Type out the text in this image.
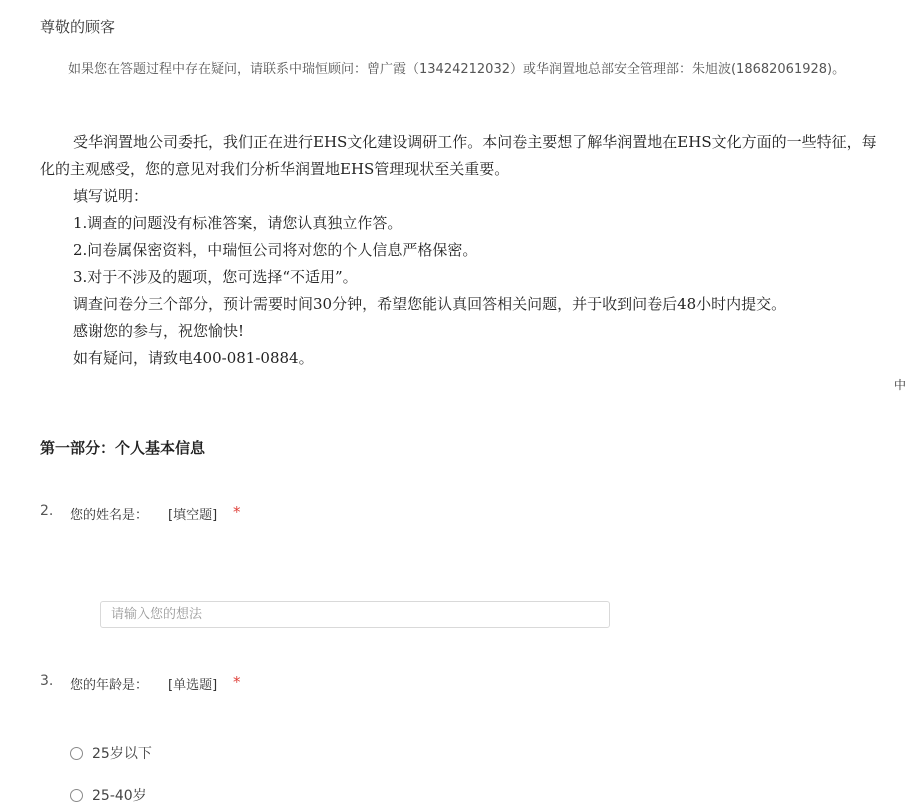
尊敬的顾客
如果您在答题过程中存在疑问，请联系中瑞恒顾问：曾广霞（13424212032）或华润置地总部安全管理部：朱旭波(18682061928)。
受华润置地公司委托，我们正在进行EHS文化建设调研工作。本问卷主要想了解华润置地在EHS文化方面的一些特征，每
化的主观感受，您的意见对我们分析华润置地EHS管理现状至关重要。
填写说明：
1.调查的问题没有标准答案，请您认真独立作答。
2.问卷属保密资料，中瑞恒公司将对您的个人信息严格保密。
3.对于不涉及的题项，您可选择“不适用”。
调查问卷分三个部分，预计需要时间30分钟，希望您能认真回答相关问题，并于收到问卷后48小时内提交。
感谢您的参与，祝您愉快!
如有疑问，请致电400-081-0884。
中
第一部分：个人基本信息
2. 您的姓名是： [填空题] *
请输入您的想法
3. 您的年龄是： [单选题] *
25岁以下
25-40岁
